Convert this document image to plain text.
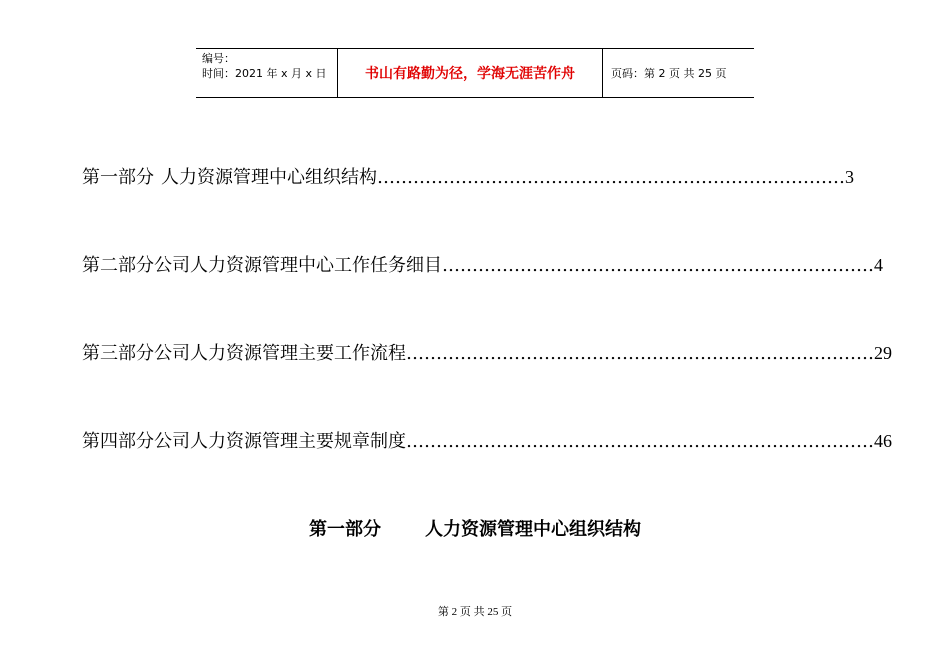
编号：
时间：2021 年 x 月 x 日	书山有路勤为径，学海无涯苦作舟	页码：第 2 页 共 25 页
第一部分 人力资源管理中心组织结构 …………………………………………………………………… 3
第二部分 公司人力资源管理中心工作任务细目 ……………………………………………………………… 4
第三部分 公司人力资源管理主要工作流程 …………………………………………………………………… 29
第四部分 公司人力资源管理主要规章制度 …………………………………………………………………… 46
第一部分 人力资源管理中心组织结构
第 2 页 共 25 页
